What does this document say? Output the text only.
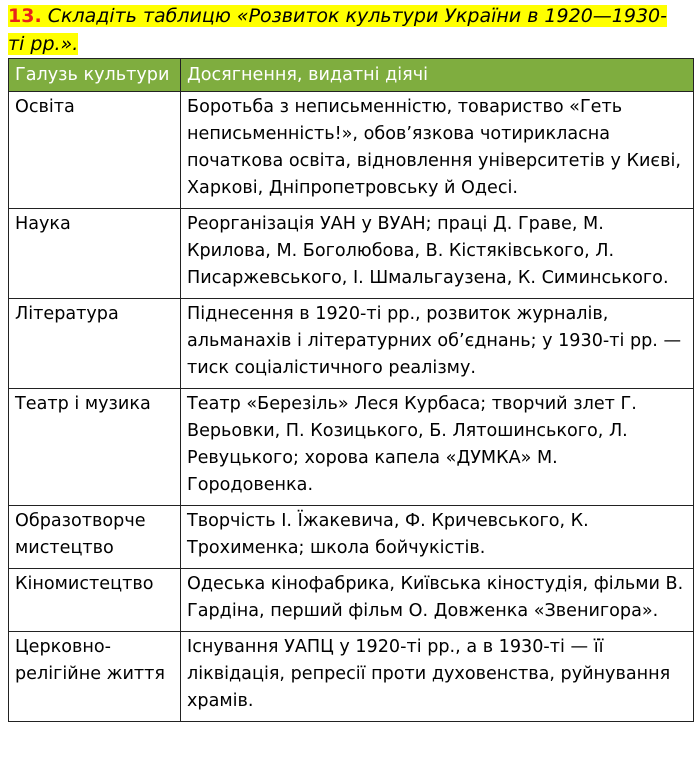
13. Складіть таблицю «Розвиток культури України в 1920—1930-ті рр.».
Галузь культури	Досягнення, видатні діячі
Освіта	Боротьба з неписьменністю, товариство «Геть неписьменність!», обов’язкова чотирикласна початкова освіта, відновлення університетів у Києві, Харкові, Дніпропетровську й Одесі.
Наука	Реорганізація УАН у ВУАН; праці Д. Граве, М. Крилова, М. Боголюбова, В. Кістяківського, Л. Писаржевського, І. Шмальгаузена, К. Симинського.
Література	Піднесення в 1920-ті рр., розвиток журналів, альманахів і літературних об’єднань; у 1930-ті рр. — тиск соціалістичного реалізму.
Театр і музика	Театр «Березіль» Леся Курбаса; творчий злет Г. Верьовки, П. Козицького, Б. Лятошинського, Л. Ревуцького; хорова капела «ДУМКА» М. Городовенка.
Образотворче мистецтво	Творчість І. Їжакевича, Ф. Кричевського, К. Трохименка; школа бойчукістів.
Кіномистецтво	Одеська кінофабрика, Київська кіностудія, фільми В. Гардіна, перший фільм О. Довженка «Звенигора».
Церковно-релігійне життя	Існування УАПЦ у 1920-ті рр., а в 1930-ті — її ліквідація, репресії проти духовенства, руйнування храмів.
